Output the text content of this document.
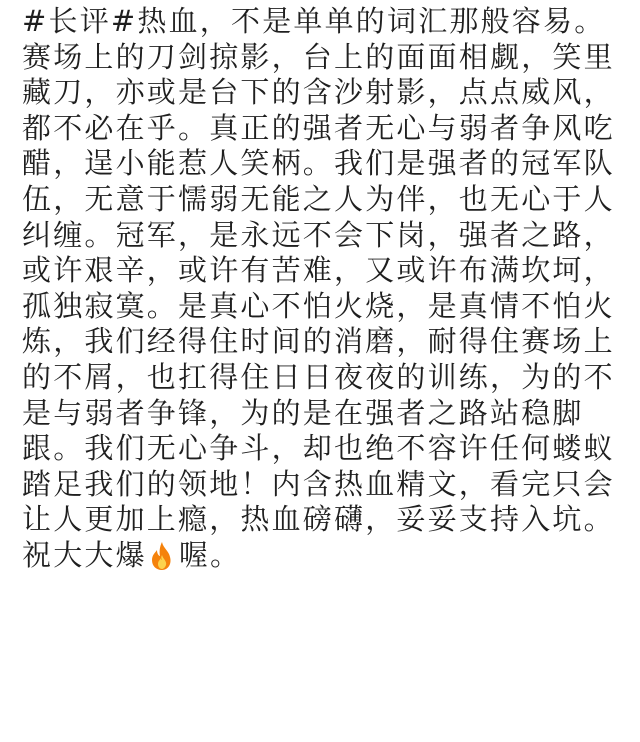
#长评#热血，不是单单的词汇那般容易。
赛场上的刀剑掠影，台上的面面相觑，笑里
藏刀，亦或是台下的含沙射影，点点威风，
都不必在乎。真正的强者无心与弱者争风吃
醋，逞小能惹人笑柄。我们是强者的冠军队
伍，无意于懦弱无能之人为伴，也无心于人
纠缠。冠军，是永远不会下岗，强者之路，
或许艰辛，或许有苦难，又或许布满坎坷，
孤独寂寞。是真心不怕火烧，是真情不怕火
炼，我们经得住时间的消磨，耐得住赛场上
的不屑，也扛得住日日夜夜的训练，为的不
是与弱者争锋，为的是在强者之路站稳脚
跟。我们无心争斗，却也绝不容许任何蝼蚁
踏足我们的领地！内含热血精文，看完只会
让人更加上瘾，热血磅礴，妥妥支持入坑。
祝大大爆 喔。
